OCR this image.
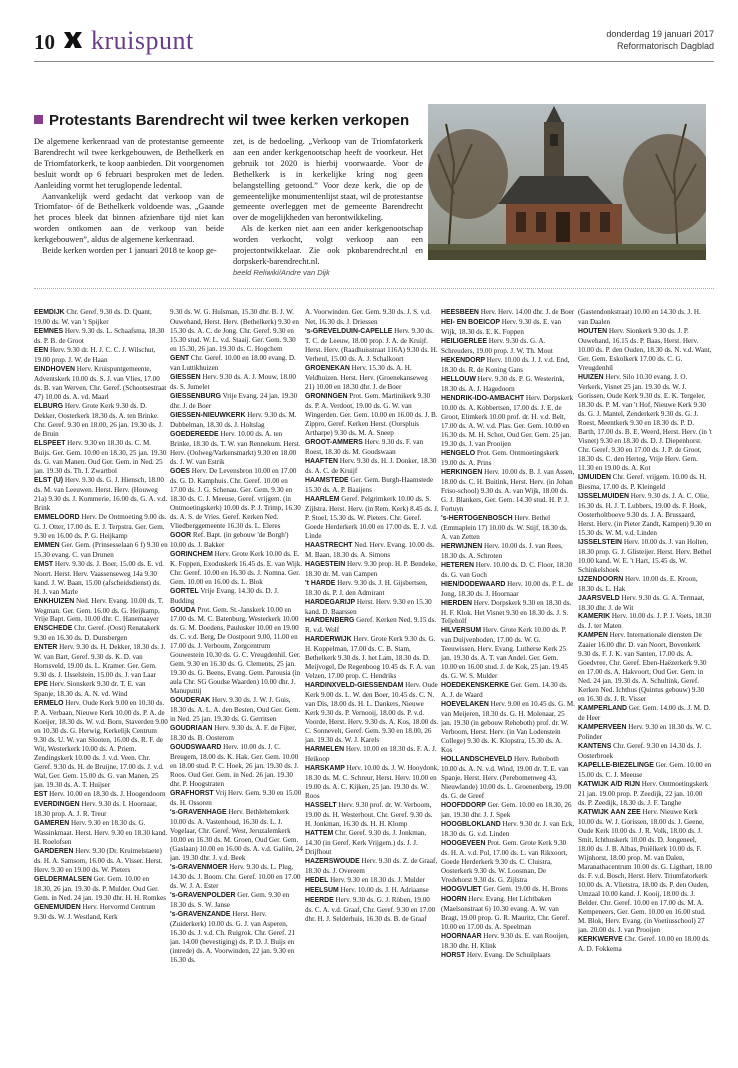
10 kruispunt	donderdag 19 januari 2017
Reformatorisch Dagblad
Protestants Barendrecht wil twee kerken verkopen

De algemene kerkenraad van de protestantse gemeente Barendrecht wil twee kerkgebouwen, de Bethelkerk en de Triomfatorkerk, te koop aanbieden. Dit voorgenomen besluit wordt op 6 februari besproken met de leden. Aanleiding vormt het teruglopende ledental.

Aanvankelijk werd gedacht dat verkoop van de Triomfator- óf de Bethelkerk voldoende was. „Gaande het proces bleek dat binnen afzienbare tijd niet kan worden ontkomen aan de verkoop van beide kerkgebouwen”, aldus de algemene kerkenraad.

Beide kerken worden per 1 januari 2018 te koop ge-

zet, is de bedoeling. „Verkoop van de Triomfatorkerk aan een ander kerkgenootschap heeft de voorkeur. Het gebruik tot 2020 is hierbij voorwaarde. Voor de Bethelkerk is in kerkelijke kring nog geen belangstelling getoond.” Voor deze kerk, die op de gemeentelijke monumentenlijst staat, wil de protestantse gemeente overleggen met de gemeente Barendrecht over de mogelijkheden van herontwikkeling.

Als de kerken niet aan een ander kerkgenootschap worden verkocht, volgt verkoop aan een projectontwikkelaar. Zie ook pknbarendrecht.nl en dorpskerk-barendrecht.nl.

beeld Reliwiki/Andre van Dijk
EEMDIJK Chr. Geref. 9.30 ds. D. Quant, 19.00 ds. W. van 't Spijker
EEMNES Herv. 9.30 ds. L. Schaafsma, 18.30 ds. P. B. de Groot
EEN Herv. 9.30 dr. H. J. C. C. J. Wilschut, 19.00 prop. J. W. de Haan
EINDHOVEN Herv. Kruispuntgemeente, Adventskerk 10.00 ds. S. J. van Vlies, 17.00 ds. B. van Werven. Chr. Geref. (Schootsestraat 47) 10.00 ds. A. vd. Maarl
ELBURG Herv. Grote Kerk 9.30 ds. D. Dekker, Oosterkerk 18.30 ds. A. ten Brinke. Chr. Geref. 9.30 en 18.00, 26 jan. 19.30 ds. J. de Bruin
ELSPEET Herv. 9.30 en 18.30 ds. C. M. Buijs. Ger. Gem. 10.00 en 18.30, 25 jan. 19.30 ds. G. van Manen. Oud Ger. Gem. in Ned. 25 jan. 19.30 ds. Th. I. Zwartbol
ELST (U) Herv. 9.30 ds. G. J. Hiensch, 18.00 ds. M. van Leeuwen. Herst. Herv. (Houweg 21a) 9.30 ds. J. Kommerie, 16.00 ds. G. A. v.d. Brink
EMMELOORD Herv. De Ontmoeting 9.00 ds. G. J. Otter, 17.00 ds. E. J. Terpstra. Ger. Gem. 9.30 en 16.00 ds. P. G. Heijkamp
EMMEN Ger. Gem. (Prinsesselaan 6 f) 9.30 en 15.30 evang. C. van Drunen
EMST Herv. 9.30 ds. J. Boer, 15.00 ds. E. vd. Noort. Herst. Herv. Vaassenseweg 14a 9.30 kand. J. W. Baan, 15.00 (afscheidsdienst) ds. H. J. van Marle
ENKHUIZEN Ned. Herv. Evang. 10.00 ds. T. Wegman. Ger. Gem. 16.00 ds. G. Heijkamp, Vrije Bapt. Gem. 10.00 dhr. C. Hanemaayer
ENSCHEDE Chr. Geref. (Oost) Renatakerk 9.30 en 16.30 ds. D. Dunsbergen
ENTER Herv. 9.30 ds. H. Dekker, 18.30 ds. J. W. van Bart, Geref. 9.30 ds. K. D. van Hornsveld, 19.00 ds. L. Kramer. Ger. Gem. 9.30 ds. J. IJsselstein, 15.00 ds. J. van Laar
EPE Herv. Sionskerk 9.30 dr. T. E. van Spanje, 18.30 ds. A. N. vd. Wind
ERMELO Herv. Oude Kerk 9.00 en 10.30 ds. P. A. Verbaan, Nieuwe Kerk 10.00 ds. P. A. de Koeijer, 18.30 ds. W. v.d. Born, Staverden 9.00 en 10.30 ds. G. Herwig, Kerkelijk Centrum 9.30 ds. U. W. van Slooten, 16.00 ds. R. F. de Wit, Westerkerk 10.00 ds. A. Priem. Zendingskerk 10.00 ds. J. v.d. Veen. Chr. Geref. 9.30 ds. H. de Bruijne, 17.00 ds. J. v.d. Wal, Ger. Gem. 15.00 ds. G. van Manen, 25 jan. 19.30 ds. A. T. Huijser
EST Herv. 10.00 en 18.30 ds. J. Hoogendoorn
EVERDINGEN Herv. 9.30 ds. I. Hoornaar, 18.30 prop. A. J. R. Treur
GAMEREN Herv. 9.30 en 18.30 ds. G. Wassinkmaat. Herst. Herv. 9.30 en 18.30 kand. H. Roelofsen
GARDEREN Herv. 9.30 (Dr. Kruimelstaete) ds. H. A. Samsom, 16.00 ds. A. Visser. Herst. Herv. 9.30 en 19.00 ds. W. Pieters
GELDERMALSEN Ger. Gem. 10.00 en 18.30, 26 jan. 19.30 ds. P. Mulder. Oud Ger. Gem. in Ned. 24 jan. 19.30 dhr. H. H. Romkes
GENEMUIDEN Herv. Hervormd Centrum 9.30 ds. W. J. Westland, Kerk
9.30 ds. W. G. Hulsman, 15.30 dhr. B. J. W. Ouwehand, Herst. Herv. (Bethelkerk) 9.30 en 15.30 ds. A. C. de Jong. Chr. Geref. 9.30 en 15.30 stud. W. L. v.d. Staaij. Ger. Gem. 9.30 en 15.30, 26 jan. 19.30 ds. C. Hogchem
GENT Chr. Geref. 10.00 en 18.00 evang. D. van Luttikhuizen
GIESSEN Herv. 9.30 ds. A. J. Mouw, 18.00 ds. S. Jumelet
GIESSENBURG Vrije Evang. 24 jan. 19.30 dhr. J. de Boer
GIESSEN-NIEUWKERK Herv. 9.30 ds. M. Dubbelman, 18.30 ds. J. Holtslag
GOEDEREEDE Herv. 10.00 ds. A. ten Brinke, 18.30 ds. T. W. van Rennekum. Herst. Herv. (Oolweg/Varkensmarkt) 9.30 en 18.00 ds. J. W. van Estrik
GOES Herv. De Levensbron 10.00 en 17.00 ds. G. D. Kamphuis. Chr. Geref. 10.00 en 17.00 ds. J. G. Schenau. Ger. Gem. 9.30 en 18.30 ds. C. J. Meeuse, Geref. vrijgem. (in Ontmoetingskerk) 10.00 ds. P. J. Trimp, 16.30 ds. A. S. de Vries. Geref. Kerken Ned. Vliedberggemeente 16.30 ds. L. Eleres
GOOR Ref. Bapt. (in gebouw 'de Borgh') 10.00 ds. J. Bakker
GORINCHEM Herv. Grote Kerk 10.00 ds. E. K. Foppen, Exoduskerk 16.45 ds. E. van Wijk. Chr. Geref. 10.00 en 16.30 ds. J. Nomna. Ger. Gem. 10.00 en 16.00 ds. L. Blok
GORTEL Vrije Evang. 14.30 ds. D. J. Budding
GOUDA Prot. Gem. St.-Janskerk 10.00 en 17.00 ds. M. C. Batenburg, Westerkerk 10.00 ds. G. M. Doedens, Paulusker 10.00 en 19.00 ds. C. v.d. Berg, De Oostpoort 9.00, 11.00 en 17.00 ds. J. Verboom, Zorgcentrum Gouwestein 10.30 ds. G. C. Vreugdenhil. Ger. Gem. 9.30 en 16.30 ds. G. Clements, 25 jan. 19.30 ds. G. Beens, Evang. Gem. Parousia (in aula Chr. SG Goudse Waarden) 10.00 dhr. J. Manuputtij
GOUDERAK Herv. 9.30 ds. J. W. J. Guis, 18.30 ds. A. L. A. den Besten, Oud Ger. Gem. in Ned. 25 jan. 19.30 ds. G. Gerritsen
GOUDRIAAN Herv. 9.30 ds. A. F. de Fijter, 18.30 ds. B. Oosterom
GOUDSWAARD Herv. 10.00 ds. J. C. Breugem, 18.00 ds. K. Hak. Ger. Gem. 10.00 en 18.00 stud. P. C. Hoek, 26 jan. 19.30 ds. J. Roos. Oud Ger. Gem. in Ned. 26 jan. 19.30 dhr. P. Hoogstraten
GRAFHORST Vrij Herv. Gem. 9.30 en 15.00 ds. H. Ossoren
's-GRAVENHAGE Herv. Bethlehemkerk 10.00 ds. A. Vastenhoud, 16.30 ds. L. J. Vogelaar, Chr. Geref. West, Jeruzalemkerk 10.00 en 16.30 ds. M. Groen, Oud Ger. Gem. (Gaslaan) 10.00 en 16.00 ds. A. v.d. Galiën, 24 jan. 19.30 dhr. J. v.d. Beek
's-GRAVENMOER Herv. 9.30 ds. L. Plug, 14.30 ds. J. Boom. Chr. Geref. 10.00 en 17.00 ds. W. J. A. Ester
's-GRAVENPOLDER Ger. Gem. 9.30 en 18.30 ds. S. W. Janse
's-GRAVENZANDE Herst. Herv. (Zuiderkerk) 10.00 ds. G. J. van Asperen, 16.30 ds. J. v.d. Ch. Ruigrok. Chr. Geref. 21 jan. 14.00 (bevestiging) ds. P. D. J. Buijs en (intrede) ds. A. Voorwinden, 22 jan. 9.30 en 16.30 ds.
A. Voorwinden. Ger. Gem. 9.30 ds. J. S. v.d. Net, 16.30 ds. J. Driessen
's-GREVELDUIN-CAPELLE Herv. 9.30 ds. T. C. de Leeuw, 18.00 prop. J. A. de Kruijf. Herst. Herv. (Raadhuisstraat 116A) 9.30 ds. H. Verheul, 15.00 ds. A. J. Schalkoort
GROENEKAN Herv. 15.30 ds. A. H. Veldhuizen. Herst. Herv. (Groenekanseweg 21) 10.00 en 18.30 dhr. J. de Boer
GRONINGEN Prot. Gem. Martinikerk 9.30 ds. P. A. Verdoot, 19.00 ds. G. W. van Wingerden. Ger. Gem. 10.00 en 16.00 ds. J. B. Zippro, Geref. Kerken Herst. (Oorspluis Artharpe) 9.30 ds. M. A. Sneep
GROOT-AMMERS Herv. 9.30 ds. F. van Roest, 18.30 ds. M. Goudswaan
HAAFTEN Herv. 9.30 ds. H. J. Donker, 18.30 ds. A. C. de Kruijf
HAAMSTEDE Ger. Gem. Burgh-Haamstede 15.30 ds. A. P. Baaijens
HAARLEM Geref. Pelgrimkerk 10.00 ds. S. Zijlstra. Herst. Herv. (in Rem. Kerk) 8.45 ds. J. P. Stoel, 15.30 ds. W. Pieters. Chr. Geref. Goede Herderkerk 10.00 en 17.00 ds. E. J. v.d. Linde
HAASTRECHT Ned. Herv. Evang. 10.00 ds. M. Baan, 18.30 ds. A. Simons
HAGESTEIN Herv. 9.30 prop. H. P. Bendeke, 18.30 dr. M. van Campen
't HARDE Herv. 9.30 ds. J. H. Gijsbertsen, 18.30 ds. P. J. den Admirant
HARDEGARIJP Herst. Herv. 9.30 en 15.30 kand. D. Baarssen
HARDENBERG Geref. Kerken Ned. 9.15 ds. R. v.d. Wolf
HARDERWIJK Herv. Grote Kerk 9.30 ds. G. H. Koppelman, 17.00 ds. C. B. Stam, Bethelkerk 9.30 ds. J. het Lam, 18.30 ds. D. Meijvogel, De Regenboog 10.45 ds. F. A. van Velzen, 17.00 prop. C. Hendriks
HARDINXVELD-GIESSENDAM Herv. Oude Kerk 9.00 ds. L. W. den Boer, 10.45 ds. C. N. van Dis, 18.00 ds. H. L. Dankers, Nieuwe Kerk 9.30 ds. P. Vernooij, 18.00 ds. P. v.d. Voorde, Herst. Herv. 9.30 ds. A. Kos, 18.00 ds. C. Sonnevelt, Geref. Gem. 9.30 en 18.00, 26 jan. 19.30 ds. W. J. Karels
HARMELEN Herv. 10.00 en 18.30 ds. F. A. J. Heikoop
HARSKAMP Herv. 10.00 ds. J. W. Hooydonk, 18.30 ds. M. C. Schreur, Herst. Herv. 10.00 en 19.00 ds. A. C. Kijken, 25 jan. 19.30 ds. W. Roos
HASSELT Herv. 9.30 prof. dr. W. Verboom, 19.00 ds. H. Westerhout. Chr. Geref. 9.30 ds. H. Jonkman, 16.30 ds. H. H. Klomp
HATTEM Chr. Geref. 9.30 ds. J. Jonkman, 14.30 (in Geref. Kerk Vrijgem.) ds. J. J. Drijfhout
HAZERSWOUDE Herv. 9.30 ds. Z. de Graaf, 18.30 ds. J. Overeem
HEDEL Herv. 9.30 en 18.30 ds. J. Mulder
HEELSUM Herv. 10.00 ds. J. H. Adriaanse
HEERDE Herv. 9.30 ds. G. J. Röben, 19.00 ds. C. A. v.d. Graaf, Chr. Geref. 9.30 en 17.00 dhr. H. J. Selderhuis, 16.30 ds. B. de Graaf
HEESBEEN Herv. Herv. 14.00 dhr. J. de Boer
HEI- EN BOEICOP Herv. 9.30 ds. E. van Wijk, 18.30 ds. E. K. Foppen
HEILIGERLEE Herv. 9.30 ds. G. A. Schreuders, 19.00 prop. J. W. Th. Mout
HEKENDORP Herv. 10.00 ds. J. J. v.d. End, 18.30 ds. R. de Koning Gans
HELLOUW Herv. 9.30 ds. P. G. Westerink, 18.30 ds. A. J. Hagedoorn
HENDRIK-IDO-AMBACHT Herv. Dorpskerk 10.00 ds. A. Kobbertsen, 17.00 ds. J. E. de Groot, Elimkerk 10.00 prof. dr. H. v.d. Belt, 17.00 ds. A. W. v.d. Plas. Ger. Gem. 10.00 en 16.30 ds. M. H. Schot, Oud Ger. Gem. 25 jan. 19.30 ds. J. van Prooijen
HENGELO Prot. Gem. Ontmoetingskerk 19.00 ds. A. Prins
HERKINGEN Herv. 10.00 ds. B. J. van Assen, 18.00 ds. C. H. Buitink, Herst. Herv. (in Johan Friso-school) 9.30 ds. A. van Wijk, 18.00 ds. G. J. Blankers, Ger. Gem. 14.30 stud. H. P. J. Fortuyn
's-HERTOGENBOSCH Herv. Bethel (Emmaplein 17) 10.00 ds. W. Stijf, 18.30 ds. A. van Zetten
HERWIJNEN Herv. 10.00 ds. J. van Rees, 18.30 ds. A. Schroten
HETEREN Herv. 10.00 ds. D. C. Floor, 18.30 ds. G. van Goch
HIEN/DODEWAARD Herv. 10.00 ds. P. L. de Jong, 18.30 ds. J. Hoornaar
HIERDEN Herv. Dorpskerk 9.30 en 18.30 ds. H. F. Klok. Het Visnet 9.30 en 18.30 ds. J. S. Teljeholf
HILVERSUM Herv. Grote Kerk 10.00 ds. P. van Duijvenboden, 17.00 ds. W. G. Teeuwissen, Herv. Evang. Lutherse Kerk 25 jan. 19.30 ds. A. T. van Andel. Ger. Gem. 10.00 en 16.00 stud. J. de Kok, 25 jan. 19.45 ds. G. W. S. Mulder
HOEDEKENSKERKE Ger. Gem. 14.30 ds. A. J. de Waard
HOEVELAKEN Herv. 9.00 en 10.45 ds. G. M. van Meijeren, 18.30 ds. G. H. Molenaar, 25 jan. 19.30 (in gebouw Rehoboth) prof. dr. W. Verboom, Herst. Herv. (in Van Lodenstein College) 9.30 ds. K. Klopstra, 15.30 ds. A. Kos
HOLLANDSCHEVELD Herv. Rehoboth 10.00 ds. A. N. v.d. Wind, 19.00 dr. T. E. van Spanje, Herst. Herv. (Perebomenweg 43, Nieuwlande) 10.00 ds. L. Groenenberg, 19.00 ds. G. de Greef
HOOFDDORP Ger. Gem. 10.00 en 18.30, 26 jan. 19.30 dhr. J. J. Spek
HOOGBLOKLAND Herv. 9.30 dr. J. van Eck, 18.30 ds. G. v.d. Linden
HOOGEVEEN Prot. Gem. Grote Kerk 9.30 ds. H. A. v.d. Pol, 17.00 ds. L. van Rikxoort, Goede Herderkerk 9.30 ds. C. Cluistra, Oosterkerk 9.30 ds. W. Loosman, De Vredehorst 9.30 ds. G. Zijlstra
HOOGVLIET Ger. Gem. 19.00 ds. H. Brons
HOORN Herv. Evang. Het Lichtbaken (Maelsonstraat 6) 10.30 evang. A. W. van Bragt, 19.00 prop. G. R. Mauritz, Chr. Geref. 10.00 en 17.00 ds. A. Speelman
HOORNAAR Herv. 9.30 ds. E. van Rooijen, 18.30 dhr. H. Klink
HORST Herv. Evang. De Schuilplaats
(Gastendonkstraat) 10.00 en 14.30 ds. J. H. van Daalen
HOUTEN Herv. Sionkerk 9.30 ds. J. P. Ouwehand, 16.15 ds. P. Baas, Herst. Herv. 10.00 ds. P. den Ouden, 18.30 ds. N. v.d. Want, Ger. Gem. Eskolkerk 17.00 ds. C. G. Vreugdenhil
HUIZEN Herv. Silo 10.30 evang. J. O. Verkerk, Visnet 25 jan. 19.30 ds. W. J. Gorissen, Oude Kerk 9.30 ds. E. K. Tergeler, 18.30 ds. P. M. van 't Hof, Nieuwe Kerk 9.30 ds. G. J. Mantel, Zenderkerk 9.30 ds. G. J. Roest, Meentkerk 9.30 en 18.30 ds. P. D. Barth, 17.00 ds. B. E. Weerd, Herst. Herv. (in 't Visnet) 9.30 en 18.30 ds. D. J. Diepenhorst. Chr. Geref. 9.30 en 17.00 ds. J. P. de Groot, 18.30 ds. C. den Hertog, Vrije Herv. Gem. 11.30 en 19.00 ds. A. Kot
IJMUIDEN Chr. Geref. vrijgem. 10.00 ds. H. Biesma, 17.00 ds. P. Kleingeld
IJSSELMUIDEN Herv. 9.30 ds. J. A. C. Olie, 16.30 ds. H. J. T. Lubbers, 19.00 ds. F. Hoek, Oosterholtboeve 9.30 ds. J. A. Brussaard, Herst. Herv. (in Pieter Zandt, Kampen) 9.30 en 15.30 ds. W. M. v.d. Linden
IJSSELSTEIN Herv. 10.00 ds. J. van Holten, 18.30 prop. G. J. Glisteijer. Herst. Herv. Bethel 10.00 kand. W. E. 't Hart, 15.45 ds. W. Schinkelshoek
IJZENDOORN Herv. 10.00 ds. E. Kroon, 18.30 ds. L. Hak
JAARSVELD Herv. 9.30 ds. G. A. Termaat, 18.30 dhr. J. de Wit
KAMERIK Herv. 10.00 ds. J. P. J. Voets, 18.30 ds. J. ter Maten
KAMPEN Herv. Internationale diensten De Zaaier 16.00 dhr. D. van Noort, Bovenkerk 9.30 ds. F. J. K. van Santen, 17.00 ds. A. Goedvree, Chr. Geref. Eben-Haëzerkerk 9.30 en 17.00 ds. A. Hakvoort, Oud Ger. Gem. in Ned. 24 jan. 19.30 ds. A. Schultink, Geref. Kerken Ned. Ichthus (Quintus gebouw) 9.30 en 16.30 ds. J. R. Visser
KAMPERLAND Ger. Gem. 14.00 ds. J. M. D. de Heer
KAMPERVEEN Herv. 9.30 en 18.30 ds. W. C. Polinder
KANTENS Chr. Geref. 9.30 en 14.30 ds. J. Oosterbroek
KAPELLE-BIEZELINGE Ger. Gem. 10.00 en 15.00 ds. C. J. Meeuse
KATWIJK A/D RIJN Herv. Ontmoetingskerk 21 jan. 19.00 prop. P. Zeedijk, 22 jan. 10.00 ds. P. Zeedijk, 18.30 ds. J. F. Tanghe
KATWIJK AAN ZEE Herv. Nieuwe Kerk 10.00 ds. W. J. Gorissen, 18.00 ds. J. Geene, Oude Kerk 10.00 ds. J. R. Volk, 18.00 ds. J. Smit, Ichthuskerk 10.00 ds. D. Jongeneel, 18.00 ds. J. B. Albas, Pniëlkerk 10.00 ds. F. Wijnhorst, 18.00 prop. M. van Dalen, Maranathacentrum 10.00 ds. G. Ligthart, 18.00 ds. F. v.d. Bosch, Herst. Herv. Triumfatorkerk 10.00 ds. A. Vlietstra, 18.00 ds. P. den Ouden, Umzaal 10.00 kand. J. Kooij, 18.00 ds. J. Belder. Chr. Geref. 10.00 en 17.00 ds. M. A. Kempeneers, Ger. Gem. 10.00 en 16.00 stud. M. Blok, Herv. Evang. (in Voetiusschool) 27 jan. 20.00 ds. J. van Prooijen
KERKWERVE Chr. Geref. 10.00 en 18.00 ds. A. D. Fokkema
